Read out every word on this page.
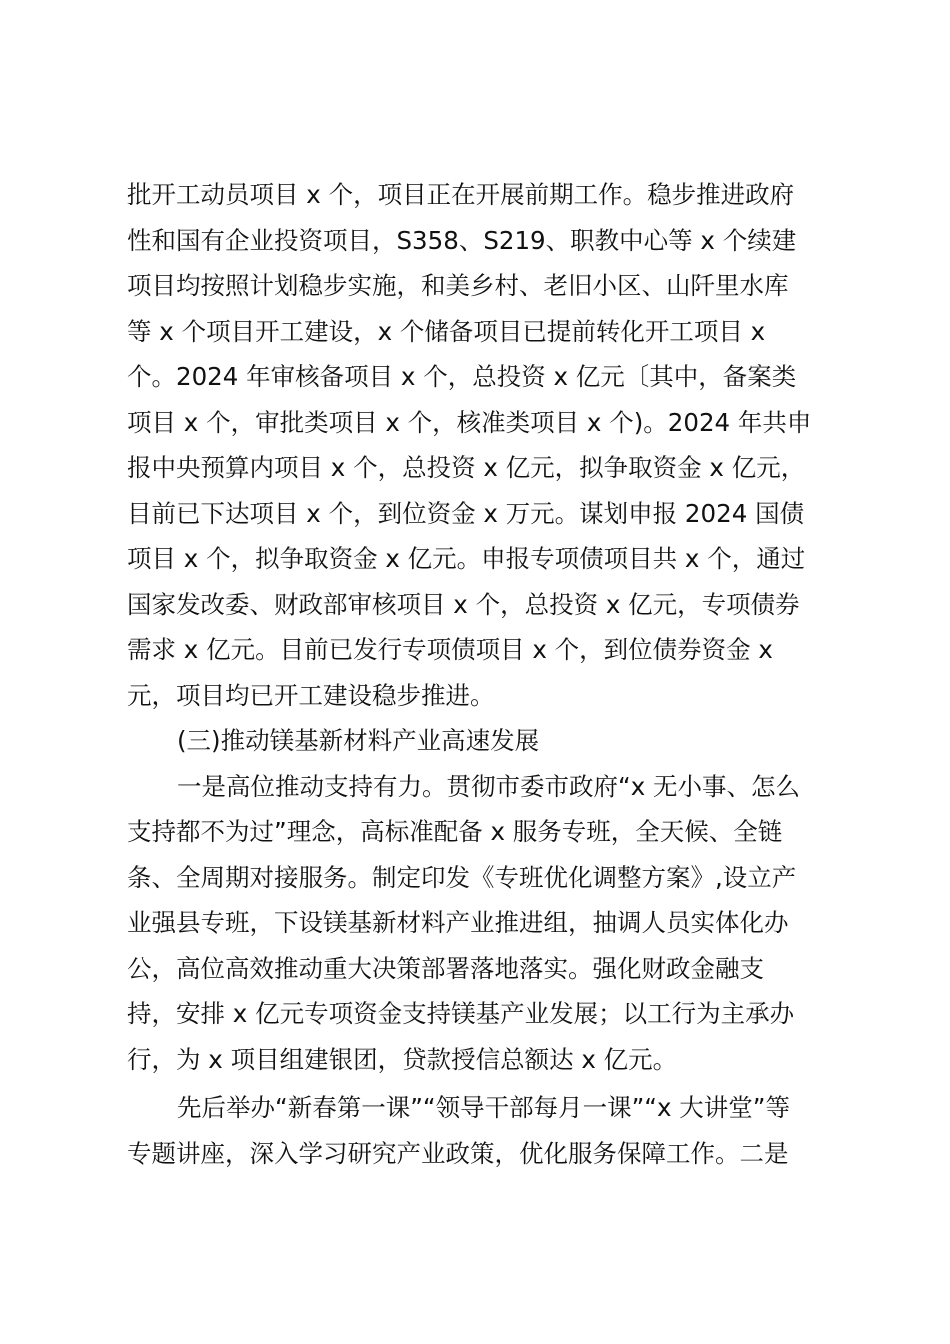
批开工动员项目 x 个，项目正在开展前期工作。稳步推进政府
性和国有企业投资项目，S358、S219、职教中心等 x 个续建
项目均按照计划稳步实施，和美乡村、老旧小区、山阡里水库
等 x 个项目开工建设，x 个储备项目已提前转化开工项目 x
个。2024 年审核备项目 x 个，总投资 x 亿元〔其中，备案类
项目 x 个，审批类项目 x 个，核准类项目 x 个)。2024 年共申
报中央预算内项目 x 个，总投资 x 亿元，拟争取资金 x 亿元，
目前已下达项目 x 个，到位资金 x 万元。谋划申报 2024 国债
项目 x 个，拟争取资金 x 亿元。申报专项债项目共 x 个，通过
国家发改委、财政部审核项目 x 个，总投资 x 亿元，专项债券
需求 x 亿元。目前已发行专项债项目 x 个，到位债券资金 x
元，项目均已开工建设稳步推进。
(三)推动镁基新材料产业高速发展
一是高位推动支持有力。贯彻市委市政府“x 无小事、怎么
支持都不为过”理念，高标准配备 x 服务专班，全天候、全链
条、全周期对接服务。制定印发《专班优化调整方案》,设立产
业强县专班，下设镁基新材料产业推进组，抽调人员实体化办
公，高位高效推动重大决策部署落地落实。强化财政金融支
持，安排 x 亿元专项资金支持镁基产业发展；以工行为主承办
行，为 x 项目组建银团，贷款授信总额达 x 亿元。
先后举办“新春第一课”“领导干部每月一课”“x 大讲堂”等
专题讲座，深入学习研究产业政策，优化服务保障工作。二是
